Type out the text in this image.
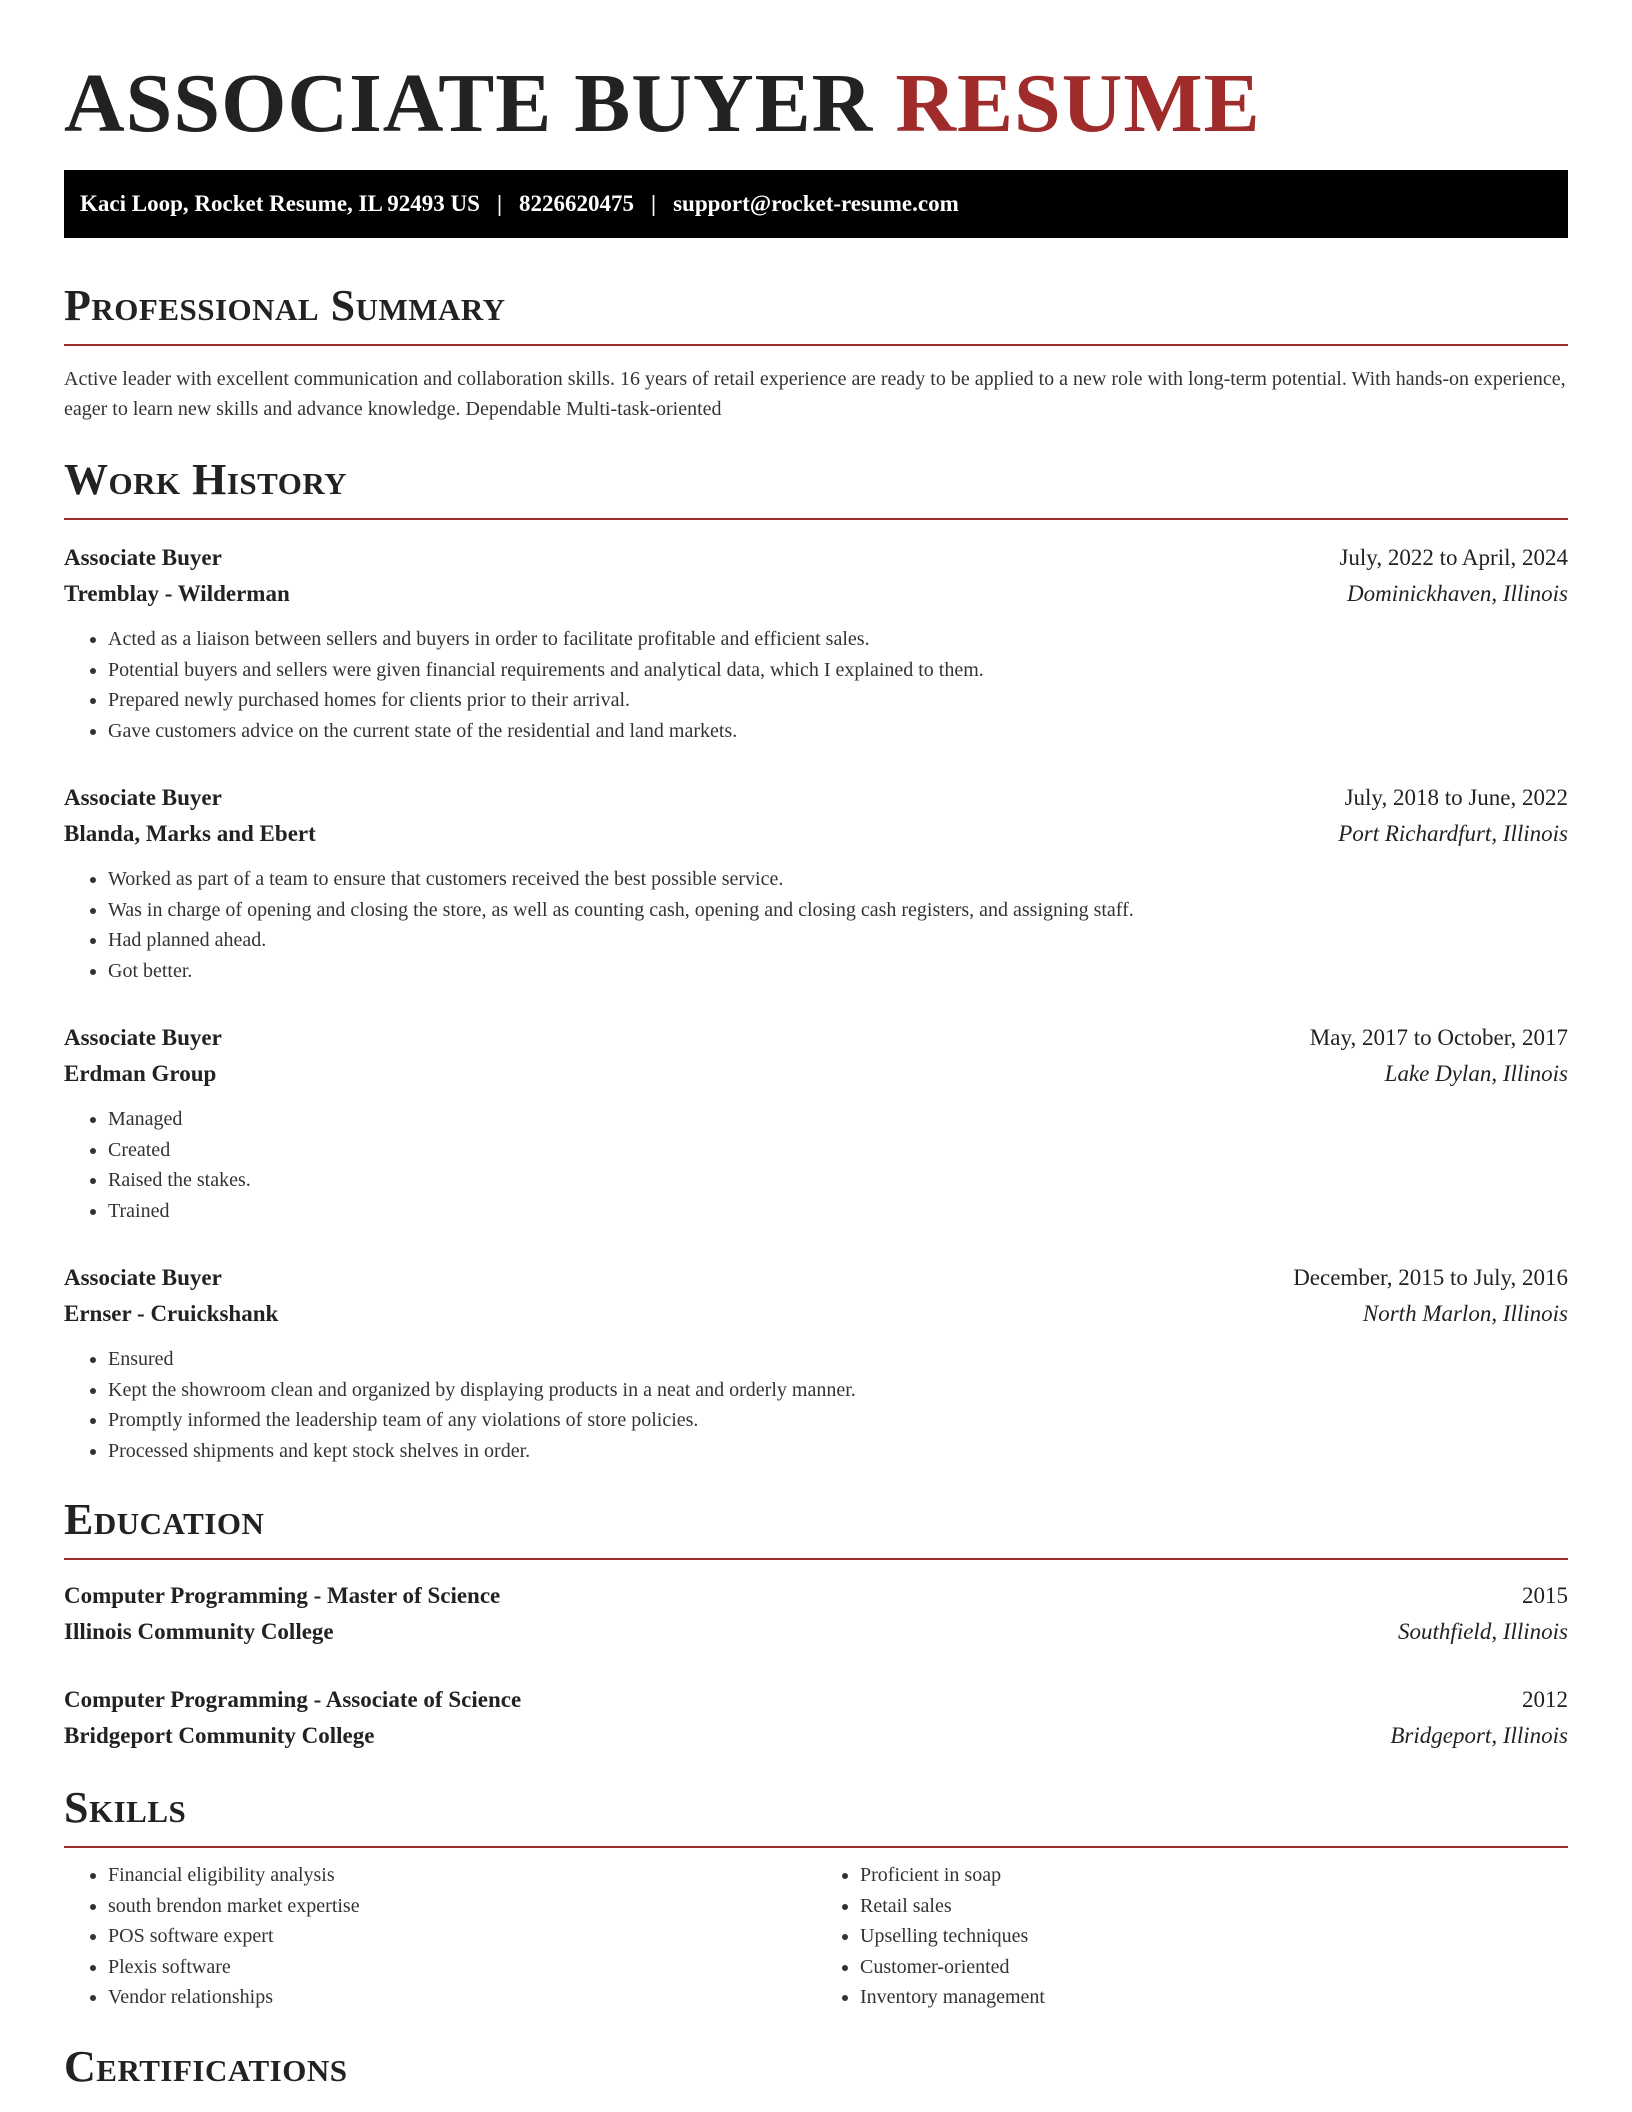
ASSOCIATE BUYER RESUME
Kaci Loop, Rocket Resume, IL 92493 US | 8226620475 | support@rocket-resume.com
Professional Summary

Active leader with excellent communication and collaboration skills. 16 years of retail experience are ready to be applied to a new role with long-term potential. With hands-on experience, eager to learn new skills and advance knowledge. Dependable Multi-task-oriented

Work History
Associate Buyer	July, 2022 to April, 2024
Tremblay - Wilderman	Dominickhaven, Illinois
• Acted as a liaison between sellers and buyers in order to facilitate profitable and efficient sales.
• Potential buyers and sellers were given financial requirements and analytical data, which I explained to them.
• Prepared newly purchased homes for clients prior to their arrival.
• Gave customers advice on the current state of the residential and land markets.
Associate Buyer	July, 2018 to June, 2022
Blanda, Marks and Ebert	Port Richardfurt, Illinois
• Worked as part of a team to ensure that customers received the best possible service.
• Was in charge of opening and closing the store, as well as counting cash, opening and closing cash registers, and assigning staff.
• Had planned ahead.
• Got better.
Associate Buyer	May, 2017 to October, 2017
Erdman Group	Lake Dylan, Illinois
• Managed
• Created
• Raised the stakes.
• Trained
Associate Buyer	December, 2015 to July, 2016
Ernser - Cruickshank	North Marlon, Illinois
• Ensured
• Kept the showroom clean and organized by displaying products in a neat and orderly manner.
• Promptly informed the leadership team of any violations of store policies.
• Processed shipments and kept stock shelves in order.
Education
Computer Programming - Master of Science	2015
Illinois Community College	Southfield, Illinois
Computer Programming - Associate of Science	2012
Bridgeport Community College	Bridgeport, Illinois
Skills
• Financial eligibility analysis
• south brendon market expertise
• POS software expert
• Plexis software
• Vendor relationships
• Proficient in soap
• Retail sales
• Upselling techniques
• Customer-oriented
• Inventory management
Certifications
